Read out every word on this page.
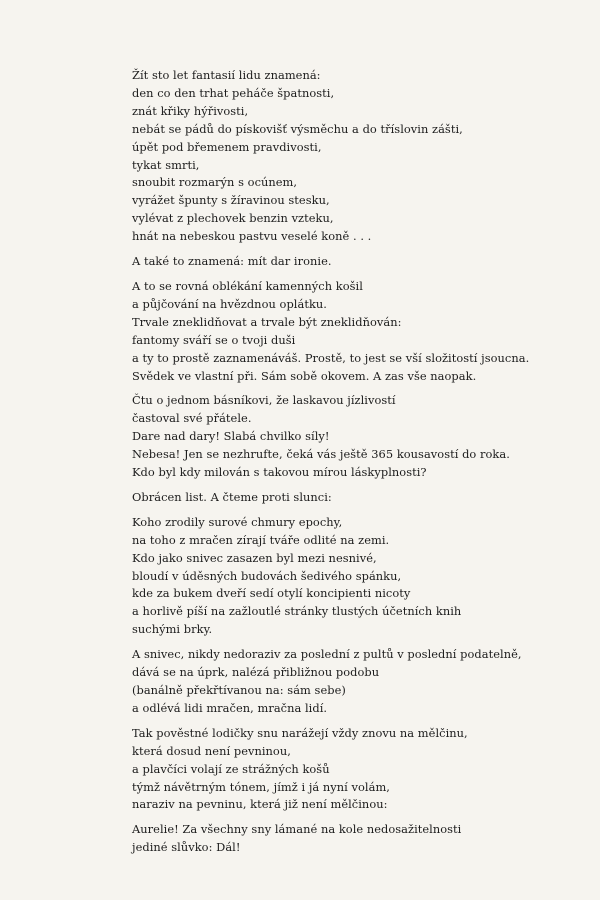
Žít sto let fantasií lidu znamená:
den co den trhat peháče špatnosti,
znát křiky hýřivosti,
nebát se pádů do pískovišť výsměchu a do tříslovin zášti,
úpět pod břemenem pravdivosti,
tykat smrti,
snoubit rozmarýn s ocúnem,
vyrážet špunty s žíravinou stesku,
vylévat z plechovek benzin vzteku,
hnát na nebeskou pastvu veselé koně . . .
A také to znamená: mít dar ironie.
A to se rovná oblékání kamenných košil
a půjčování na hvězdnou oplátku.
Trvale zneklidňovat a trvale být zneklidňován:
fantomy sváří se o tvoji duši
a ty to prostě zaznamenáváš. Prostě, to jest se vší složitostí jsoucna.
Svědek ve vlastní při. Sám sobě okovem. A zas vše naopak.
Čtu o jednom básníkovi, že laskavou jízlivostí
častoval své přátele.
Dare nad dary! Slabá chvilko síly!
Nebesa! Jen se nezhrufte, čeká vás ještě 365 kousavostí do roka.
Kdo byl kdy milován s takovou mírou láskyplnosti?
Obrácen list. A čteme proti slunci:
Koho zrodily surové chmury epochy,
na toho z mračen zírají tváře odlité na zemi.
Kdo jako snivec zasazen byl mezi nesnivé,
bloudí v úděsných budovách šedivého spánku,
kde za bukem dveří sedí otylí koncipienti nicoty
a horlivě píší na zažloutlé stránky tlustých účetních knih
suchými brky.
A snivec, nikdy nedoraziv za poslední z pultů v poslední podatelně,
dává se na úprk, nalézá přibližnou podobu
(banálně překřtívanou na: sám sebe)
a odlévá lidi mračen, mračna lidí.
Tak pověstné lodičky snu narážejí vždy znovu na mělčinu,
která dosud není pevninou,
a plavčíci volají ze strážných košů
týmž návětrným tónem, jímž i já nyní volám,
naraziv na pevninu, která již není mělčinou:
Aurelie! Za všechny sny lámané na kole nedosažitelnosti
jediné slůvko: Dál!
